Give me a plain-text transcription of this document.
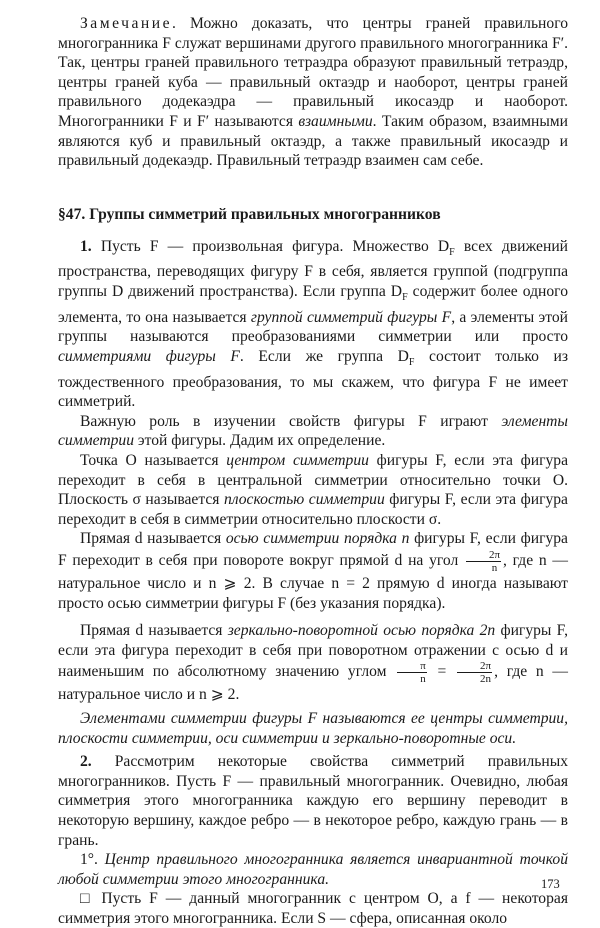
Замечание. Можно доказать, что центры граней правильного многогранника F служат вершинами другого правильного многогранника F′. Так, центры граней правильного тетраэдра образуют правильный тетраэдр, центры граней куба — правильный октаэдр и наоборот, центры граней правильного додекаэдра — правильный икосаэдр и наоборот. Многогранники F и F′ называются взаимными. Таким образом, взаимными являются куб и правильный октаэдр, а также правильный икосаэдр и правильный додекаэдр. Правильный тетраэдр взаимен сам себе.

§47. Группы симметрий правильных многогранников

1. Пусть F — произвольная фигура. Множество $D_F$ всех движений пространства, переводящих фигуру F в себя, является группой (подгруппа группы D движений пространства). Если группа $D_F$ содержит более одного элемента, то она называется группой симметрий фигуры F, а элементы этой группы называются преобразованиями симметрии или просто симметриями фигуры F. Если же группа $D_F$ состоит только из тождественного преобразования, то мы скажем, что фигура F не имеет симметрий.

Важную роль в изучении свойств фигуры F играют элементы симметрии этой фигуры. Дадим их определение.

Точка O называется центром симметрии фигуры F, если эта фигура переходит в себя в центральной симметрии относительно точки O. Плоскость σ называется плоскостью симметрии фигуры F, если эта фигура переходит в себя в симметрии относительно плоскости σ.

Прямая d называется осью симметрии порядка n фигуры F, если фигура F переходит в себя при повороте вокруг прямой d на угол $\frac{2\pi}{n}$ , где n — натуральное число и n ⩾ 2. В случае n = 2 прямую d иногда называют просто осью симметрии фигуры F (без указания порядка).

Прямая d называется зеркально-поворотной осью порядка 2n фигуры F, если эта фигура переходит в себя при поворотном отражении с осью d и наименьшим по абсолютному значению углом $\frac{\pi}{n} = \frac{2\pi}{2n}$ , где n — натуральное число и n ⩾ 2.

Элементами симметрии фигуры F называются ее центры симметрии, плоскости симметрии, оси симметрии и зеркально-поворотные оси.

2. Рассмотрим некоторые свойства симметрий правильных многогранников. Пусть F — правильный многогранник. Очевидно, любая симметрия этого многогранника каждую его вершину переводит в некоторую вершину, каждое ребро — в некоторое ребро, каждую грань — в грань.

1°. Центр правильного многогранника является инвариантной точкой любой симметрии этого многогранника.

□ Пусть F — данный многогранник с центром O, а f — некоторая симметрия этого многогранника. Если S — сфера, описанная около

173
